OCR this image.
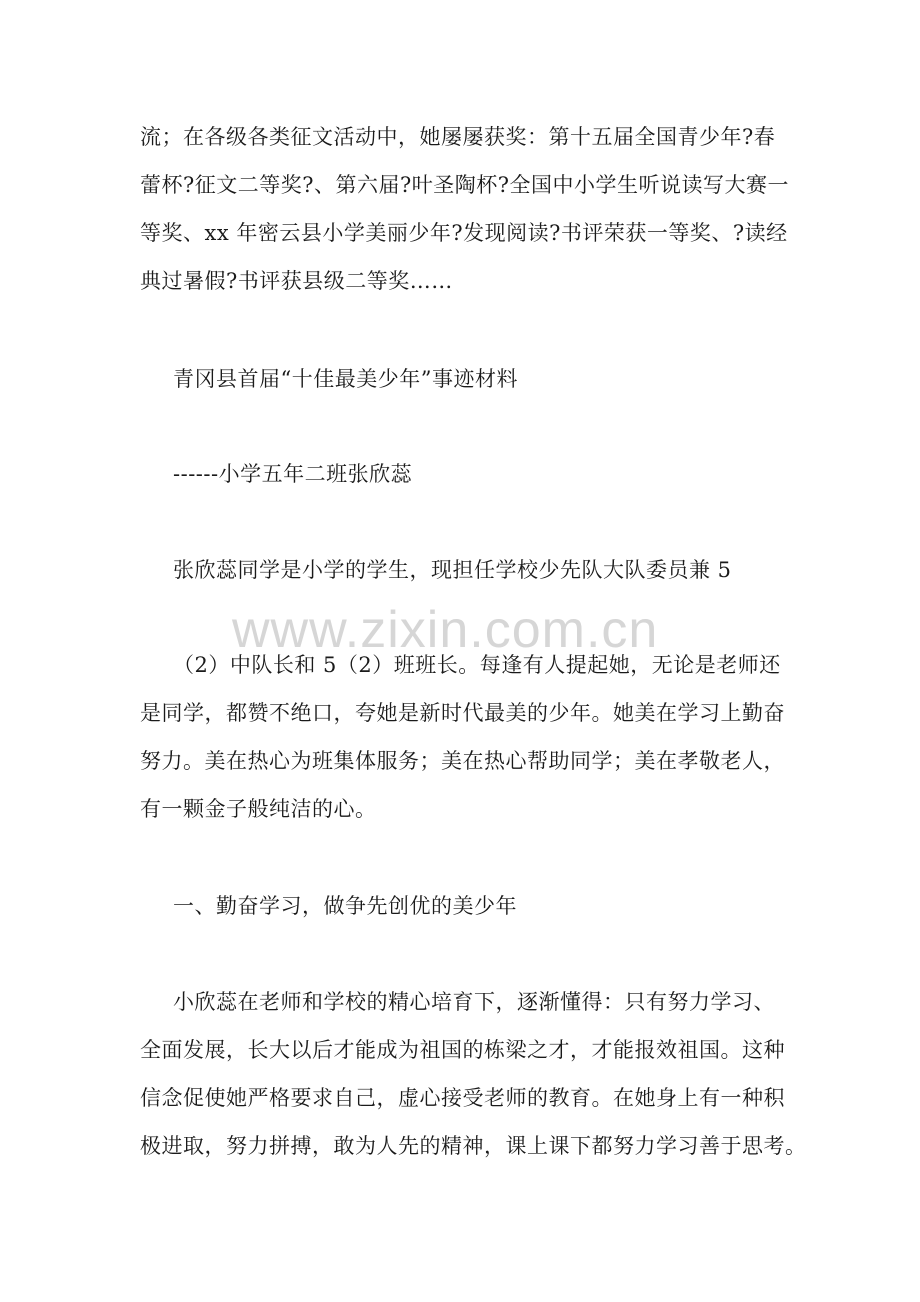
流；在各级各类征文活动中，她屡屡获奖：第十五届全国青少年?春
蕾杯?征文二等奖?、第六届?叶圣陶杯?全国中小学生听说读写大赛一
等奖、xx 年密云县小学美丽少年?发现阅读?书评荣获一等奖、?读经
典过暑假?书评获县级二等奖……
青冈县首届“十佳最美少年”事迹材料
------小学五年二班张欣蕊
张欣蕊同学是小学的学生，现担任学校少先队大队委员兼 5
www.zixin.com.cn
（2）中队长和 5（2）班班长。每逢有人提起她，无论是老师还
是同学，都赞不绝口，夸她是新时代最美的少年。她美在学习上勤奋
努力。美在热心为班集体服务；美在热心帮助同学；美在孝敬老人，
有一颗金子般纯洁的心。
一、勤奋学习，做争先创优的美少年
小欣蕊在老师和学校的精心培育下，逐渐懂得：只有努力学习、
全面发展，长大以后才能成为祖国的栋梁之才，才能报效祖国。这种
信念促使她严格要求自己，虚心接受老师的教育。在她身上有一种积
极进取，努力拼搏，敢为人先的精神，课上课下都努力学习善于思考。
